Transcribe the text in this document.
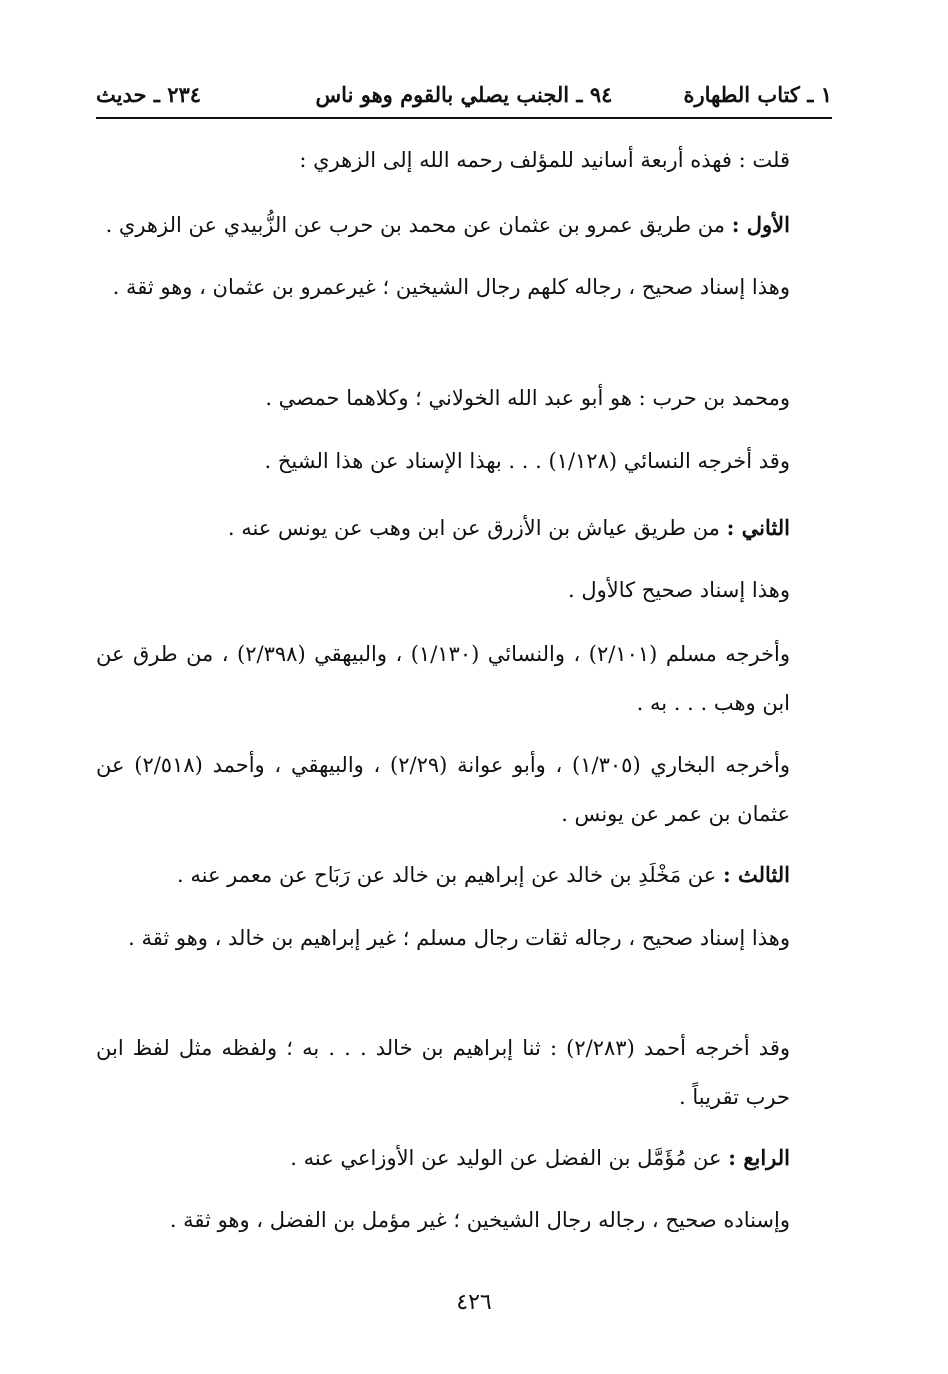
١ ـ كتاب الطهارة
٩٤ ـ الجنب يصلي بالقوم وهو ناس
٢٣٤ ـ حديث
قلت : فهذه أربعة أسانيد للمؤلف رحمه الله إلى الزهري :
الأول : من طريق عمرو بن عثمان عن محمد بن حرب عن الزُّبيدي عن الزهري .
وهذا إسناد صحيح ، رجاله كلهم رجال الشيخين ؛ غيرعمرو بن عثمان ، وهو ثقة .
ومحمد بن حرب : هو أبو عبد الله الخولاني ؛ وكلاهما حمصي .
وقد أخرجه النسائي (١/١٢٨) . . . بهذا الإسناد عن هذا الشيخ .
الثاني : من طريق عياش بن الأزرق عن ابن وهب عن يونس عنه .
وهذا إسناد صحيح كالأول .
وأخرجه مسلم (٢/١٠١) ، والنسائي (١/١٣٠) ، والبيهقي (٢/٣٩٨) ، من طرق عن ابن وهب . . . به .
وأخرجه البخاري (١/٣٠٥) ، وأبو عوانة (٢/٢٩) ، والبيهقي ، وأحمد (٢/٥١٨) عن عثمان بن عمر عن يونس .
الثالث : عن مَخْلَدِ بن خالد عن إبراهيم بن خالد عن رَبَاح عن معمر عنه .
وهذا إسناد صحيح ، رجاله ثقات رجال مسلم ؛ غير إبراهيم بن خالد ، وهو ثقة .
وقد أخرجه أحمد (٢/٢٨٣) : ثنا إبراهيم بن خالد . . . به ؛ ولفظه مثل لفظ ابن حرب تقريباً .
الرابع : عن مُؤَمَّل بن الفضل عن الوليد عن الأوزاعي عنه .
وإسناده صحيح ، رجاله رجال الشيخين ؛ غير مؤمل بن الفضل ، وهو ثقة .
٤٢٦
